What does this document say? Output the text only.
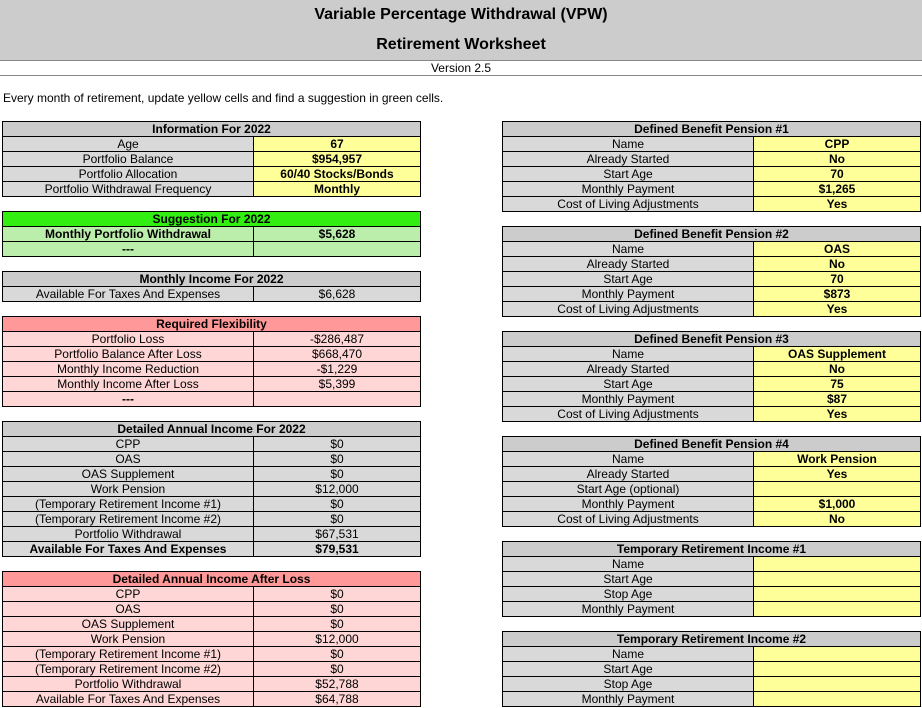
Variable Percentage Withdrawal (VPW)
Retirement Worksheet
Version 2.5
Every month of retirement, update yellow cells and find a suggestion in green cells.
Information For 2022	
Age	67
Portfolio Balance	$954,957
Portfolio Allocation	60/40 Stocks/Bonds
Portfolio Withdrawal Frequency	Monthly
Suggestion For 2022	
Monthly Portfolio Withdrawal	$5,628
---	
Monthly Income For 2022
Available For Taxes And Expenses	$6,628
Required Flexibility	
Portfolio Loss	-$286,487
Portfolio Balance After Loss	$668,470
Monthly Income Reduction	-$1,229
Monthly Income After Loss	$5,399
---	
Detailed Annual Income For 2022	
CPP	$0
OAS	$0
OAS Supplement	$0
Work Pension	$12,000
(Temporary Retirement Income #1)	$0
(Temporary Retirement Income #2)	$0
Portfolio Withdrawal	$67,531
Available For Taxes And Expenses	$79,531
Detailed Annual Income After Loss	
CPP	$0
OAS	$0
OAS Supplement	$0
Work Pension	$12,000
(Temporary Retirement Income #1)	$0
(Temporary Retirement Income #2)	$0
Portfolio Withdrawal	$52,788
Available For Taxes And Expenses	$64,788
Defined Benefit Pension #1	
Name	CPP
Already Started	No
Start Age	70
Monthly Payment	$1,265
Cost of Living Adjustments	Yes
Defined Benefit Pension #2	
Name	OAS
Already Started	No
Start Age	70
Monthly Payment	$873
Cost of Living Adjustments	Yes
Defined Benefit Pension #3	
Name	OAS Supplement
Already Started	No
Start Age	75
Monthly Payment	$87
Cost of Living Adjustments	Yes
Defined Benefit Pension #4	
Name	Work Pension
Already Started	Yes
Start Age (optional)	
Monthly Payment	$1,000
Cost of Living Adjustments	No
Temporary Retirement Income #1	
Name	
Start Age	
Stop Age	
Monthly Payment	
Temporary Retirement Income #2	
Name	
Start Age	
Stop Age	
Monthly Payment	
